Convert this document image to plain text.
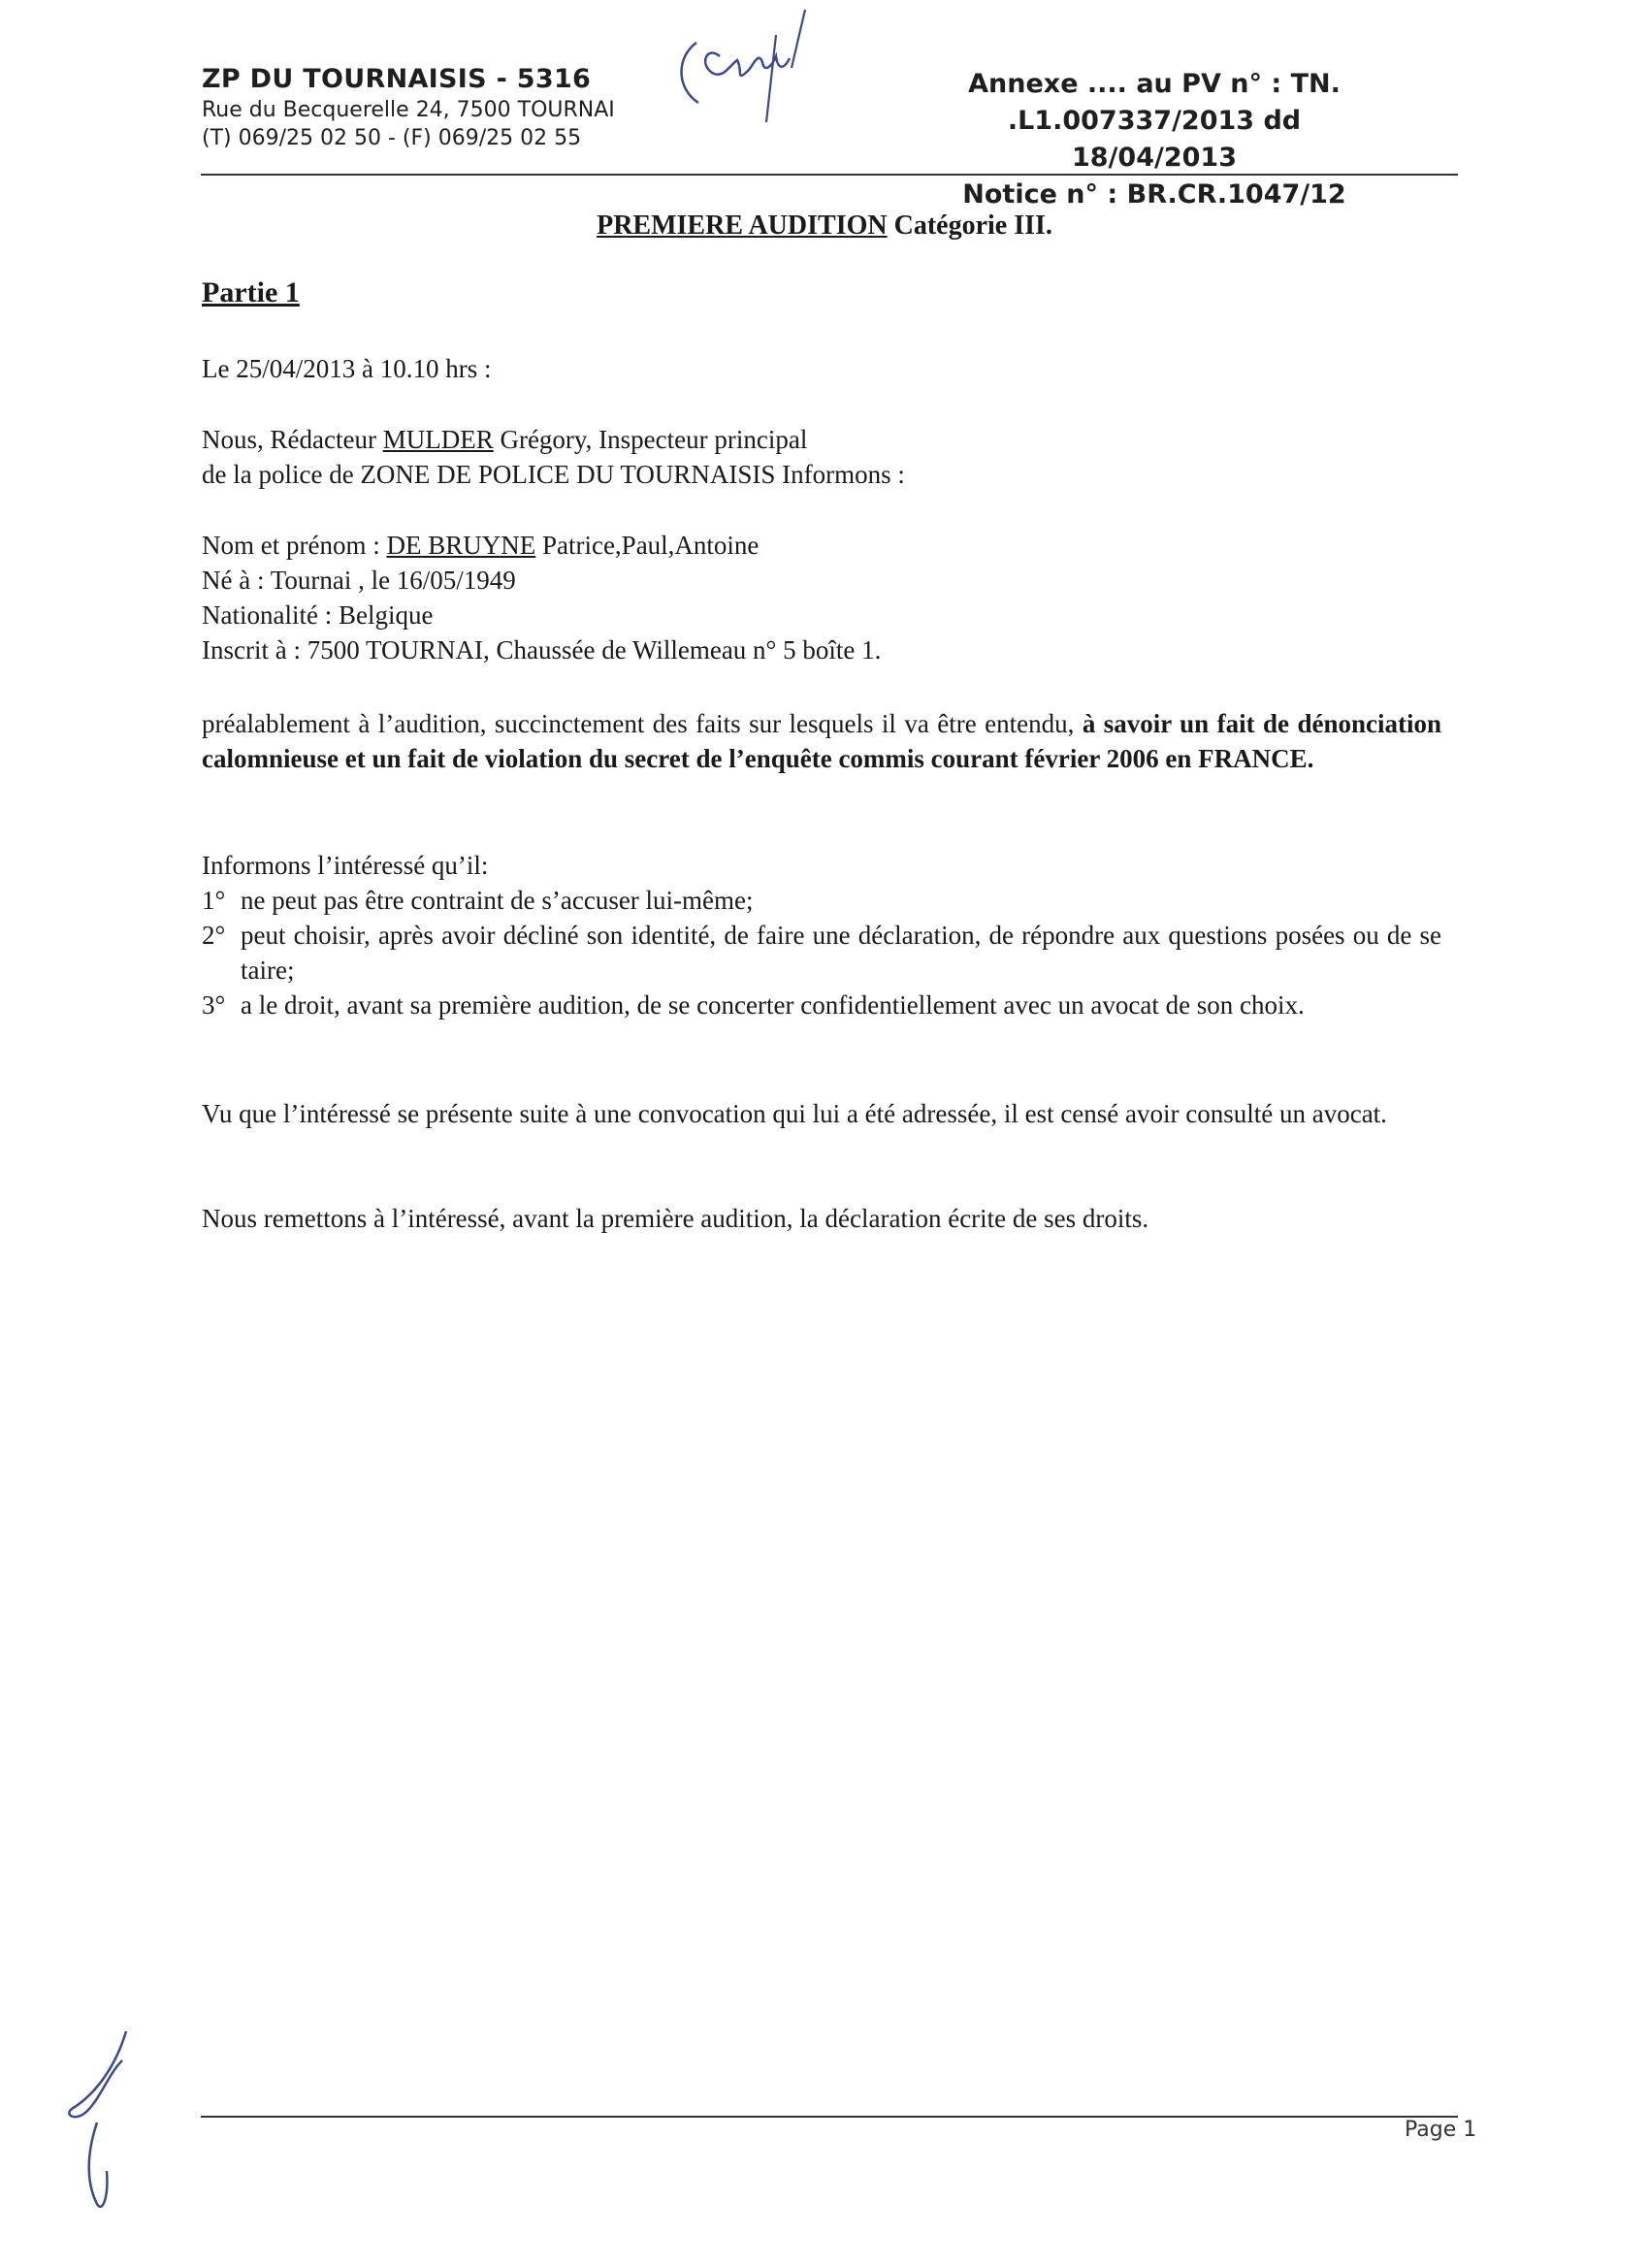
ZP DU TOURNAISIS - 5316
Rue du Becquerelle 24, 7500 TOURNAI
(T) 069/25 02 50 - (F) 069/25 02 55
Annexe .... au PV n° : TN. .L1.007337/2013 dd
18/04/2013
Notice n° : BR.CR.1047/12
PREMIERE AUDITION Catégorie III.
Partie 1
Le 25/04/2013 à 10.10 hrs :
Nous, Rédacteur MULDER Grégory, Inspecteur principal
de la police de ZONE DE POLICE DU TOURNAISIS Informons :
Nom et prénom : DE BRUYNE Patrice,Paul,Antoine
Né à : Tournai , le 16/05/1949
Nationalité : Belgique
Inscrit à : 7500 TOURNAI, Chaussée de Willemeau n° 5 boîte 1.
préalablement à l’audition, succinctement des faits sur lesquels il va être entendu, à savoir un fait de dénonciation calomnieuse et un fait de violation du secret de l’enquête commis courant février 2006 en FRANCE.
Informons l’intéressé qu’il:
1° ne peut pas être contraint de s’accuser lui-même;
2° peut choisir, après avoir décliné son identité, de faire une déclaration, de répondre aux questions posées ou de se taire;
3° a le droit, avant sa première audition, de se concerter confidentiellement avec un avocat de son choix.
Vu que l’intéressé se présente suite à une convocation qui lui a été adressée, il est censé avoir consulté un avocat.
Nous remettons à l’intéressé, avant la première audition, la déclaration écrite de ses droits.
Page 1
